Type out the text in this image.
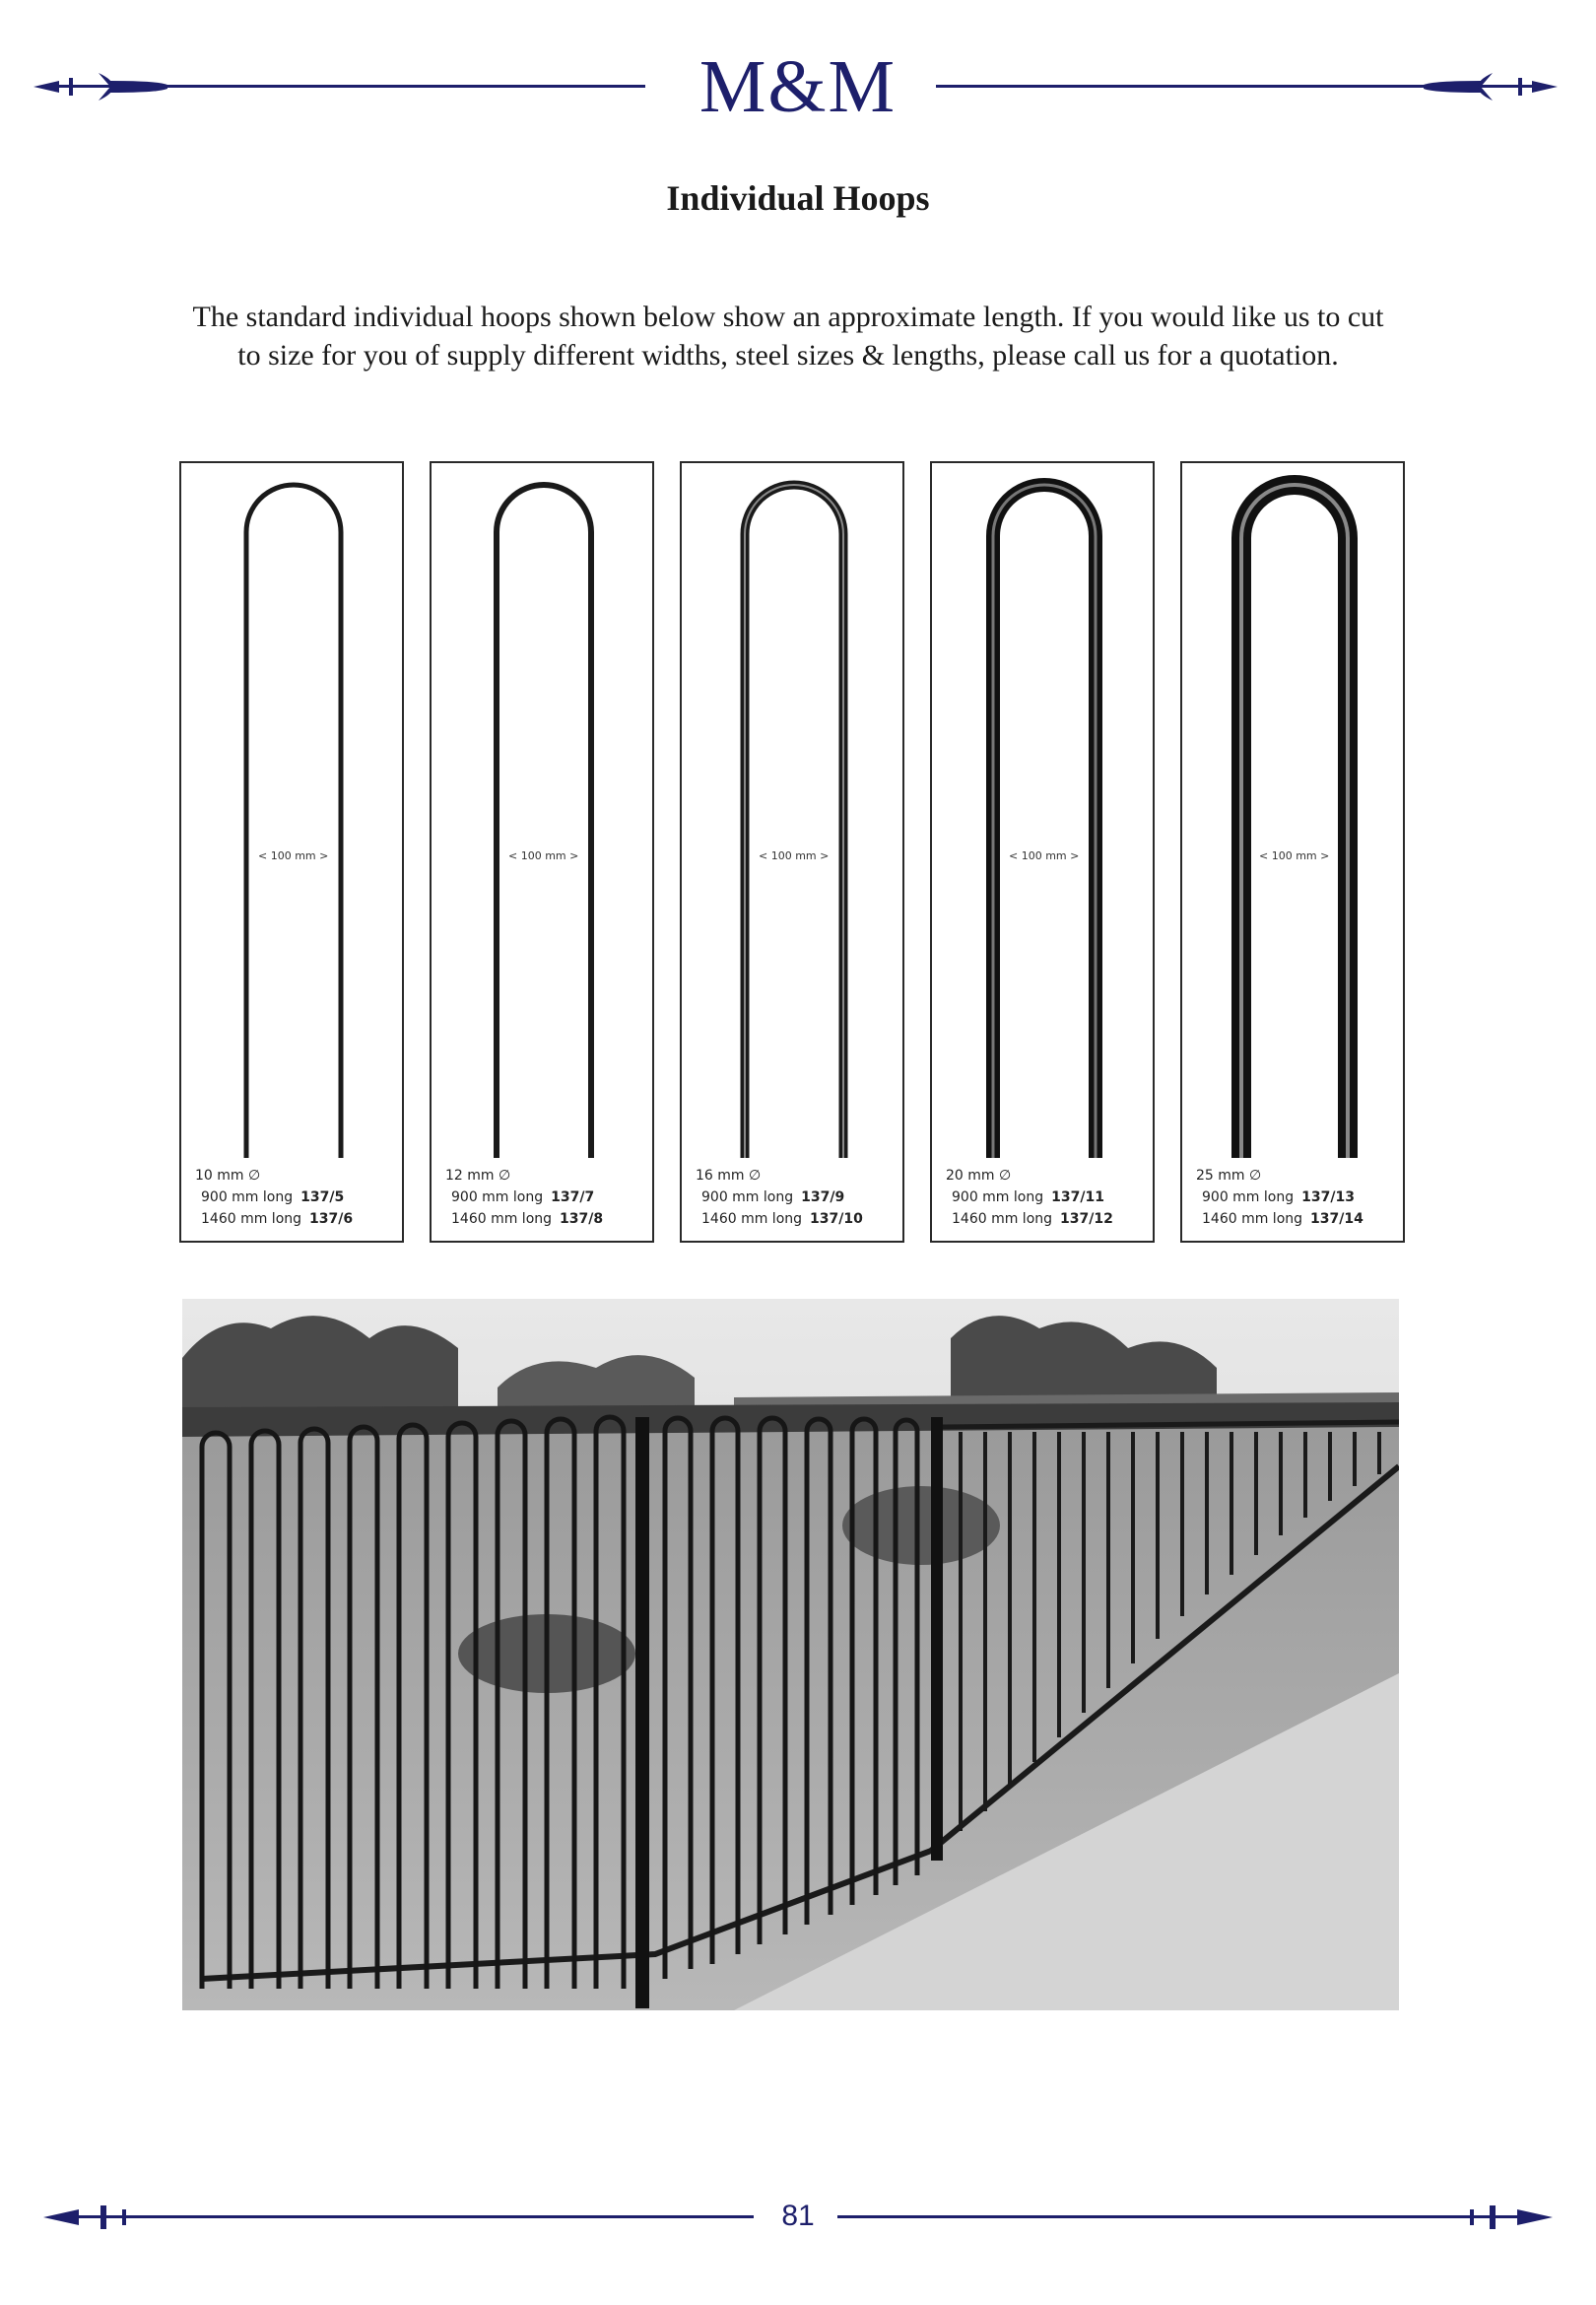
M&M
Individual Hoops
The standard individual hoops shown below show an approximate length. If you would like us to cut to size for you of supply different widths, steel sizes & lengths, please call us for a quotation.
< 100 mm >
10 mm ∅
900 mm long 137/5
1460 mm long 137/6
< 100 mm >
12 mm ∅
900 mm long 137/7
1460 mm long 137/8
< 100 mm >
16 mm ∅
900 mm long 137/9
1460 mm long 137/10
< 100 mm >
20 mm ∅
900 mm long 137/11
1460 mm long 137/12
< 100 mm >
25 mm ∅
900 mm long 137/13
1460 mm long 137/14
81
